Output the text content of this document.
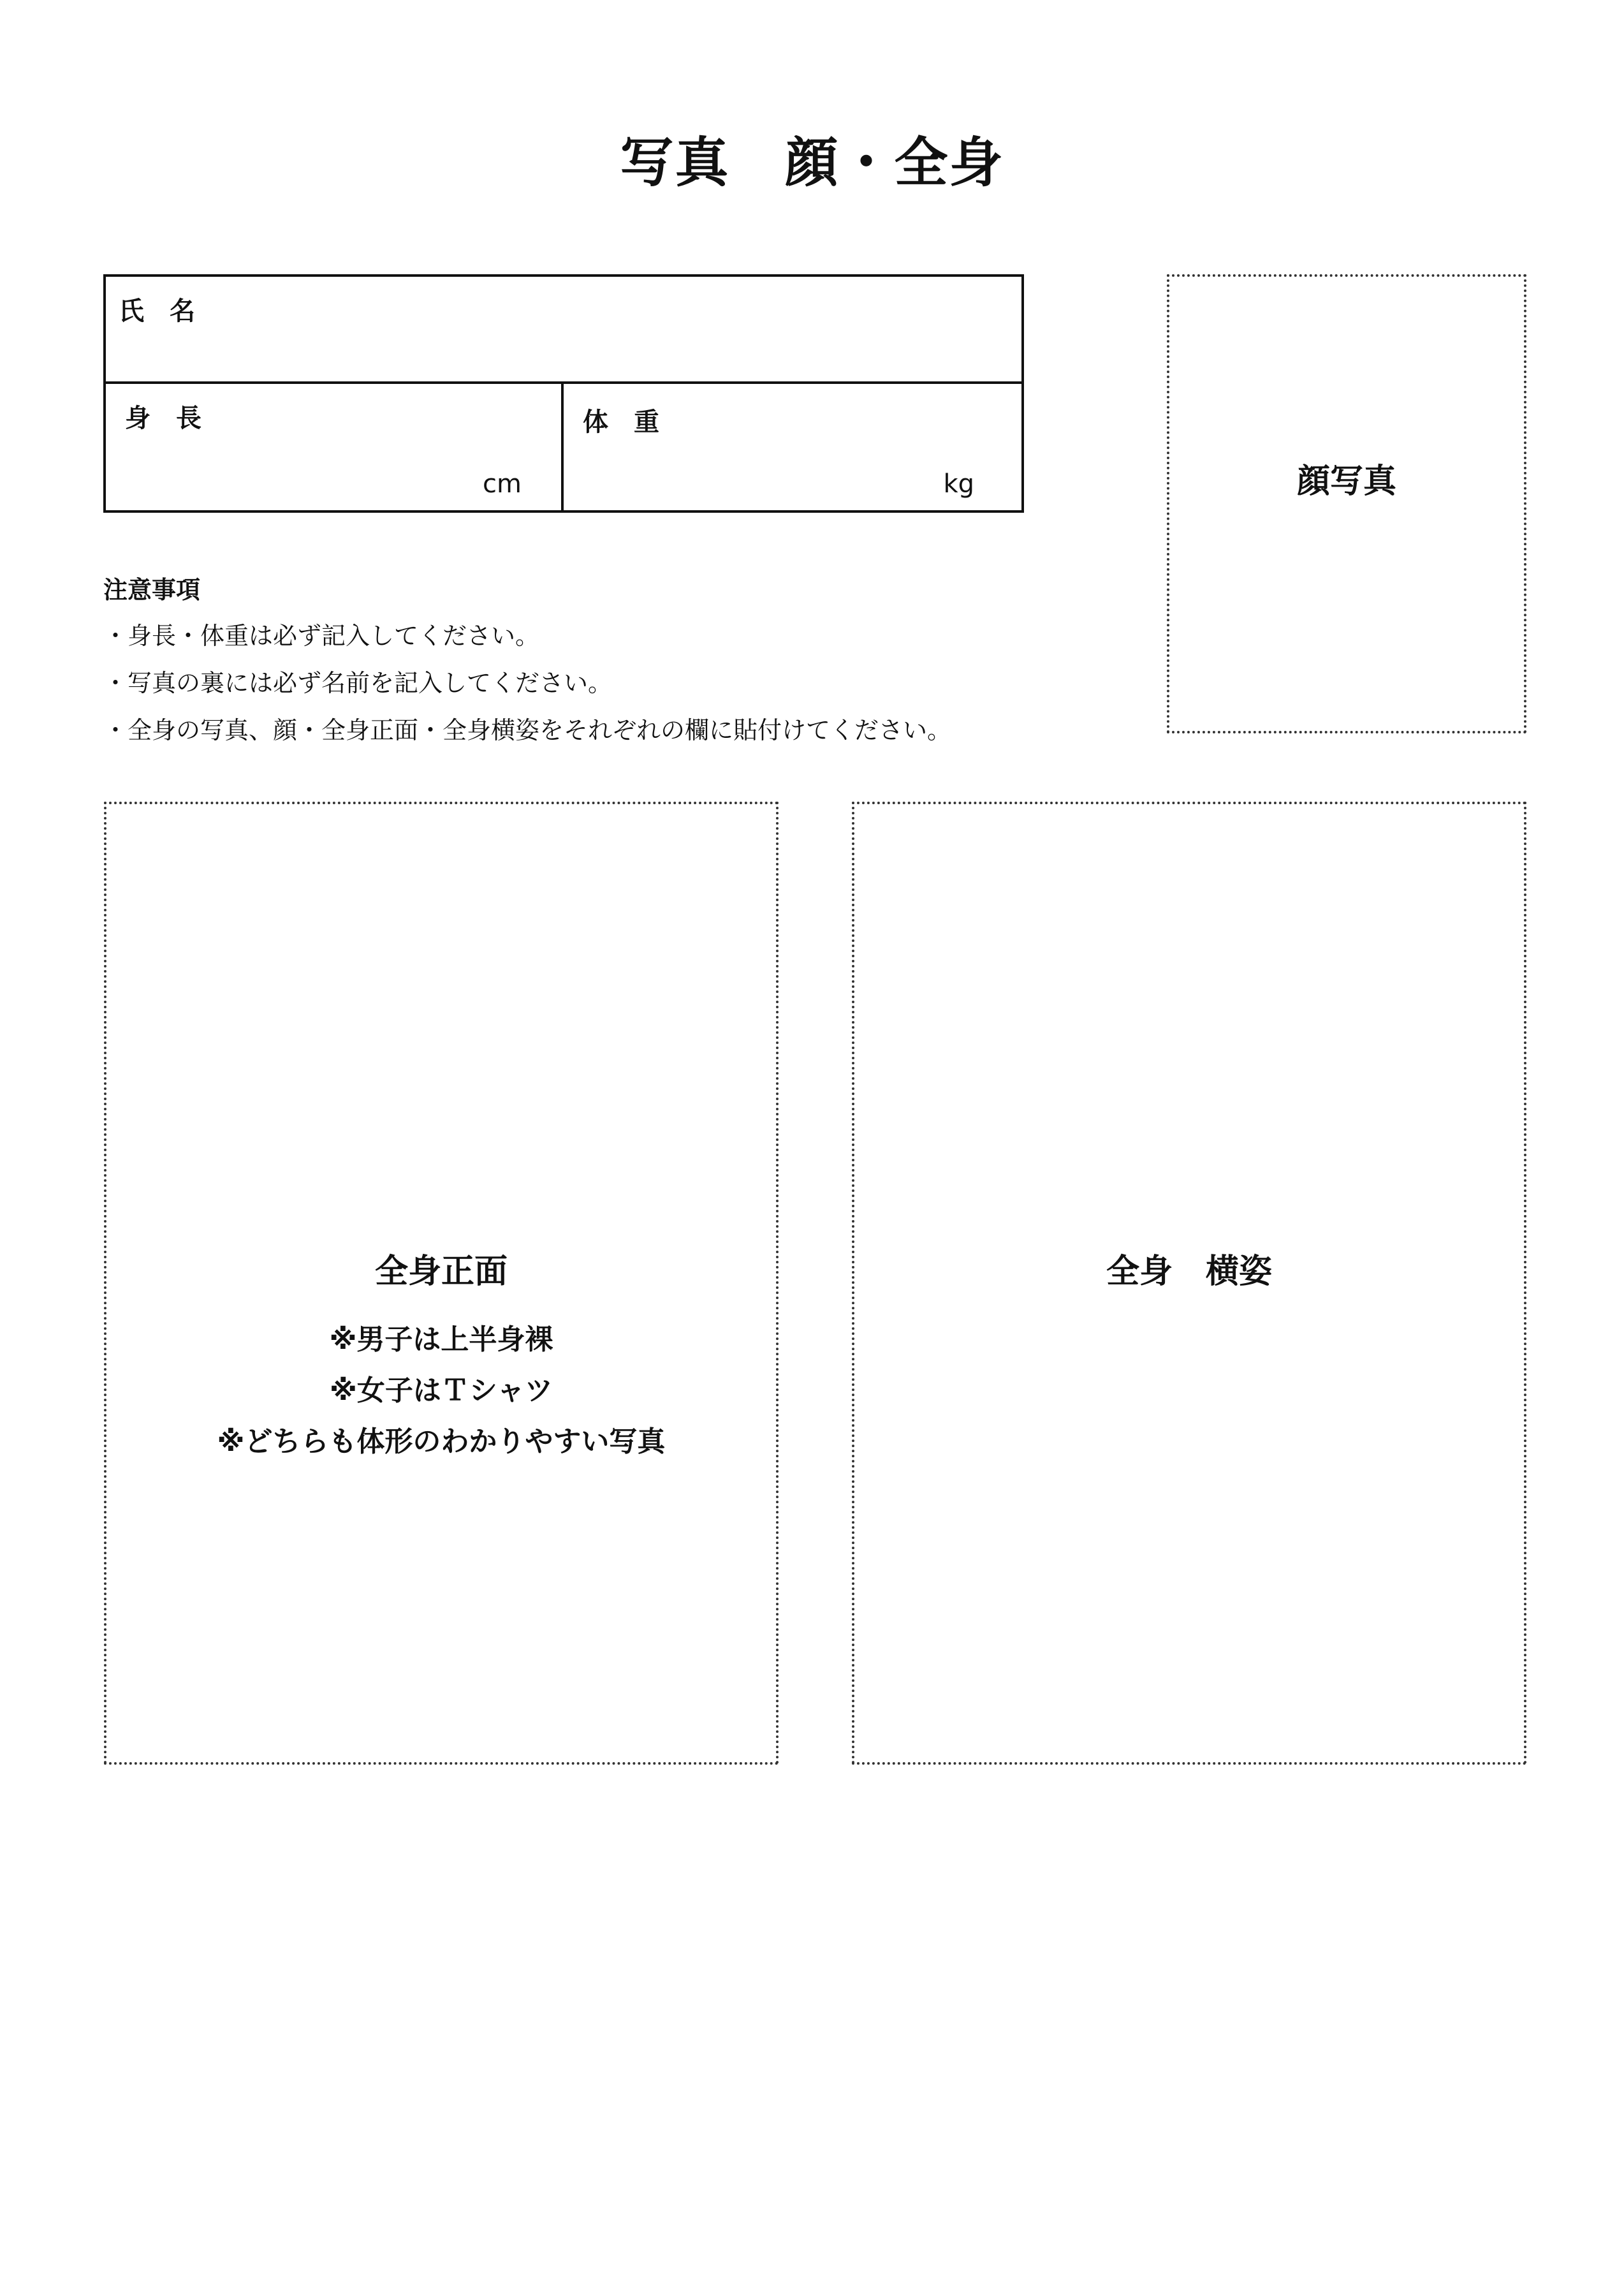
写真　顔・全身
氏　名
身　長
cm
体　重
kg
注意事項
・身長・体重は必ず記入してください。
・写真の裏には必ず名前を記入してください。
・全身の写真、顔・全身正面・全身横姿をそれぞれの欄に貼付けてください。
顔写真
全身正面
※男子は上半身裸
※女子はＴシャツ
※どちらも体形のわかりやすい写真
全身　横姿
